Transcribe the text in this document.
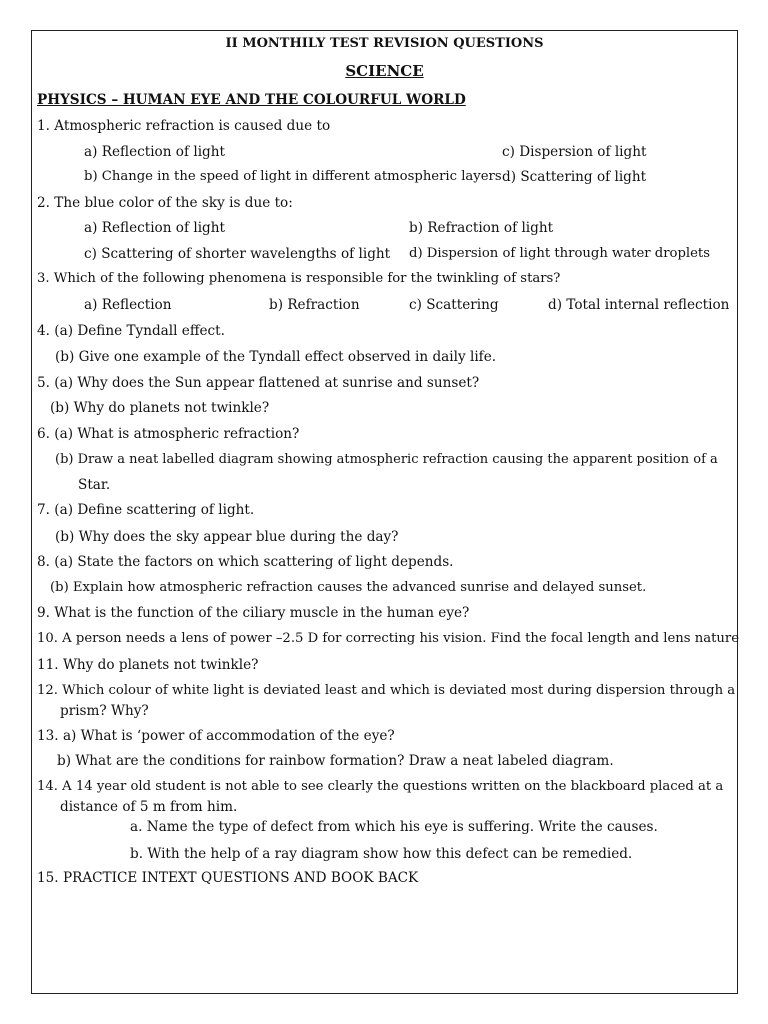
II MONTHILY TEST REVISION QUESTIONS
SCIENCE
PHYSICS – HUMAN EYE AND THE COLOURFUL WORLD
1. Atmospheric refraction is caused due to
a) Reflection of light	c) Dispersion of light
b) Change in the speed of light in different atmospheric layers d) Scattering of light
2. The blue color of the sky is due to:
a) Reflection of light	b) Refraction of light
c) Scattering of shorter wavelengths of light d) Dispersion of light through water droplets
3. Which of the following phenomena is responsible for the twinkling of stars?
a) Reflection	b) Refraction	c) Scattering	d) Total internal reflection
4. (a) Define Tyndall effect.
(b) Give one example of the Tyndall effect observed in daily life.
5. (a) Why does the Sun appear flattened at sunrise and sunset?
(b) Why do planets not twinkle?
6. (a) What is atmospheric refraction?
(b) Draw a neat labelled diagram showing atmospheric refraction causing the apparent position of a
Star.
7. (a) Define scattering of light.
(b) Why does the sky appear blue during the day?
8. (a) State the factors on which scattering of light depends.
(b) Explain how atmospheric refraction causes the advanced sunrise and delayed sunset.
9. What is the function of the ciliary muscle in the human eye?
10. A person needs a lens of power –2.5 D for correcting his vision. Find the focal length and lens nature
11. Why do planets not twinkle?
12. Which colour of white light is deviated least and which is deviated most during dispersion through a
prism? Why?
13. a) What is ‘power of accommodation of the eye?
b) What are the conditions for rainbow formation? Draw a neat labeled diagram.
14. A 14 year old student is not able to see clearly the questions written on the blackboard placed at a
distance of 5 m from him.
a. Name the type of defect from which his eye is suffering. Write the causes.
b. With the help of a ray diagram show how this defect can be remedied.
15. PRACTICE INTEXT QUESTIONS AND BOOK BACK
